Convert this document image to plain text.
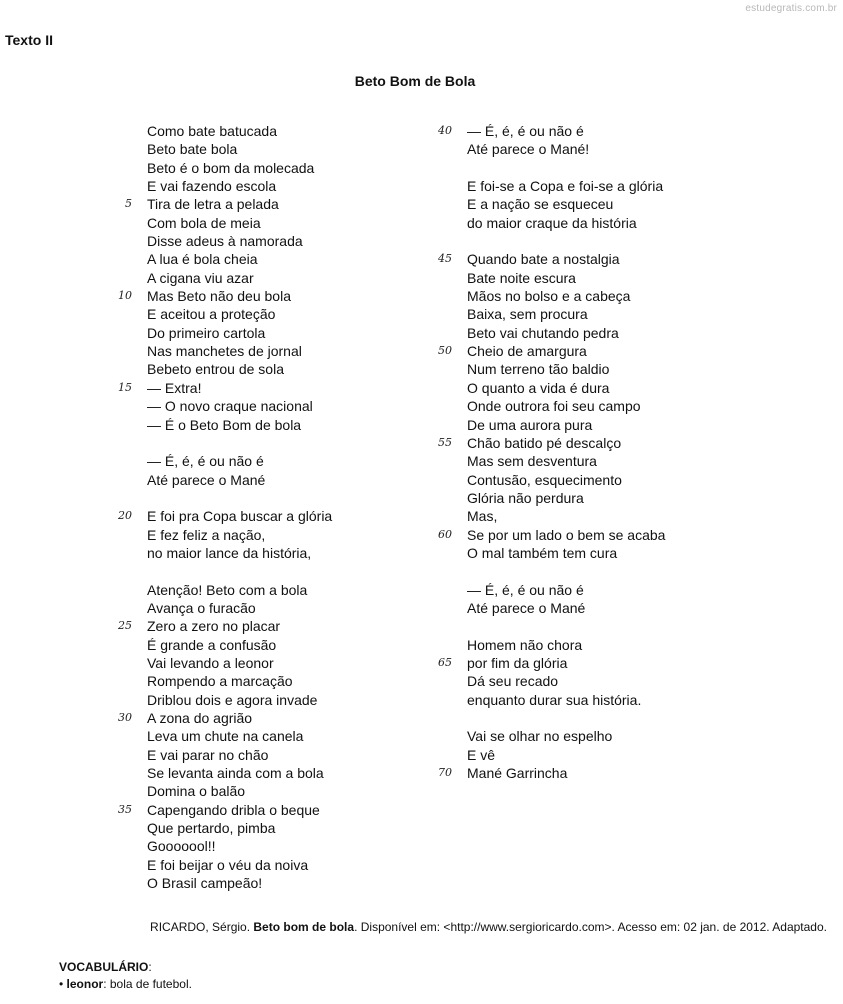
estudegratis.com.br
Texto II
Beto Bom de Bola
Como bate batucada
Beto bate bola
Beto é o bom da molecada
E vai fazendo escola
5 Tira de letra a pelada
Com bola de meia
Disse adeus à namorada
A lua é bola cheia
A cigana viu azar
10 Mas Beto não deu bola
E aceitou a proteção
Do primeiro cartola
Nas manchetes de jornal
Bebeto entrou de sola
15 — Extra!
— O novo craque nacional
— É o Beto Bom de bola
— É, é, é ou não é
Até parece o Mané
20 E foi pra Copa buscar a glória
E fez feliz a nação,
no maior lance da história,
Atenção! Beto com a bola
Avança o furacão
25 Zero a zero no placar
É grande a confusão
Vai levando a leonor
Rompendo a marcação
Driblou dois e agora invade
30 A zona do agrião
Leva um chute na canela
E vai parar no chão
Se levanta ainda com a bola
Domina o balão
35 Capengando dribla o beque
Que pertardo, pimba
Gooooool!!
E foi beijar o véu da noiva
O Brasil campeão!
40 — É, é, é ou não é
Até parece o Mané!
E foi-se a Copa e foi-se a glória
E a nação se esqueceu
do maior craque da história
45 Quando bate a nostalgia
Bate noite escura
Mãos no bolso e a cabeça
Baixa, sem procura
Beto vai chutando pedra
50 Cheio de amargura
Num terreno tão baldio
O quanto a vida é dura
Onde outrora foi seu campo
De uma aurora pura
55 Chão batido pé descalço
Mas sem desventura
Contusão, esquecimento
Glória não perdura
Mas,
60 Se por um lado o bem se acaba
O mal também tem cura
— É, é, é ou não é
Até parece o Mané
Homem não chora
65 por fim da glória
Dá seu recado
enquanto durar sua história.
Vai se olhar no espelho
E vê
70 Mané Garrincha
RICARDO, Sérgio. Beto bom de bola. Disponível em: <http://www.sergioricardo.com>. Acesso em: 02 jan. de 2012. Adaptado.
VOCABULÁRIO:
• leonor: bola de futebol.
